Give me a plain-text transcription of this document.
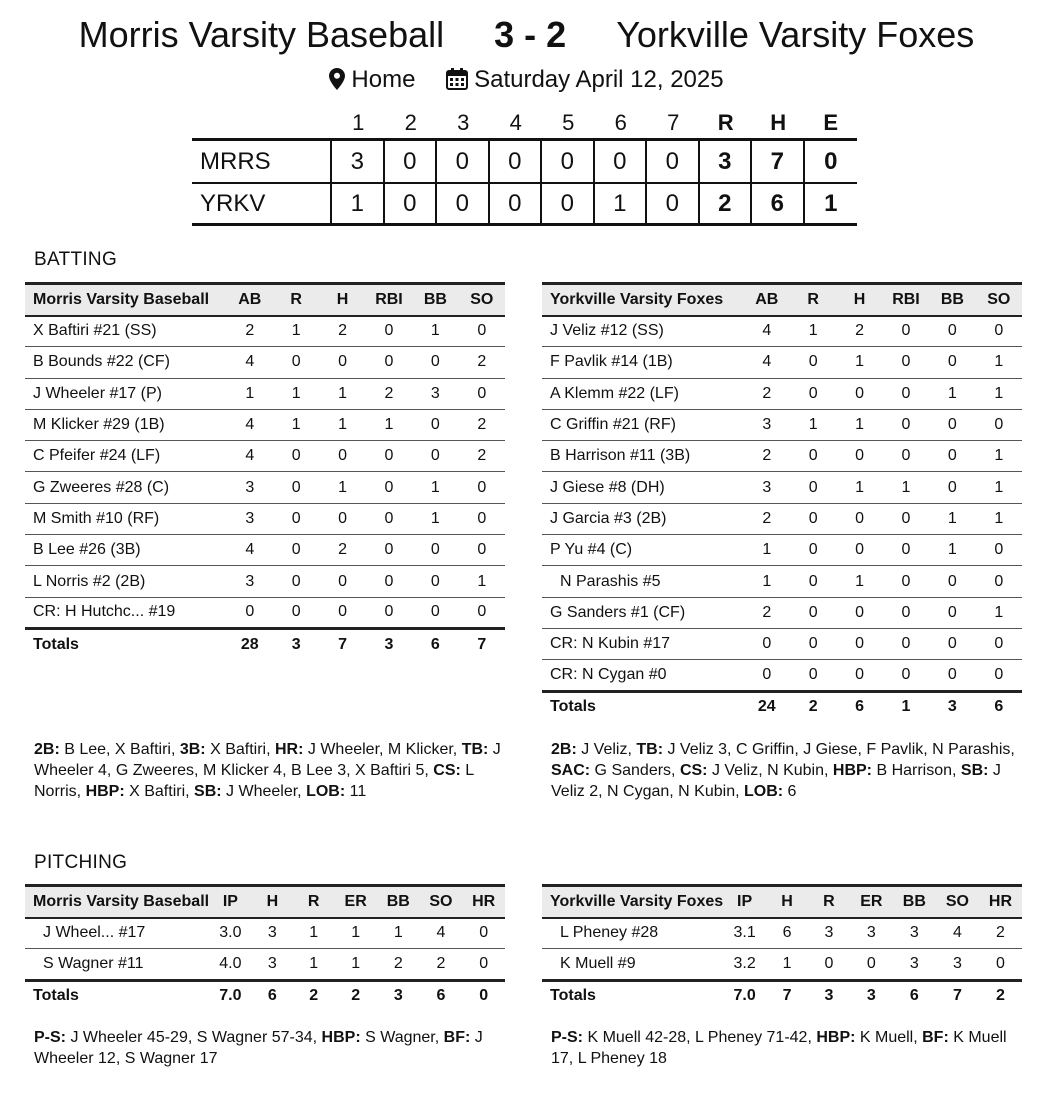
Morris Varsity Baseball 3 - 2 Yorkville Varsity Foxes
Home Saturday April 12, 2025
1	2	3	4	5	6	7	R	H	E
MRRS	3	0	0	0	0	0	0	3	7	0
YRKV	1	0	0	0	0	1	0	2	6	1
BATTING
Morris Varsity Baseball	AB	R	H	RBI	BB	SO
X Baftiri #21 (SS)	2	1	2	0	1	0
B Bounds #22 (CF)	4	0	0	0	0	2
J Wheeler #17 (P)	1	1	1	2	3	0
M Klicker #29 (1B)	4	1	1	1	0	2
C Pfeifer #24 (LF)	4	0	0	0	0	2
G Zweeres #28 (C)	3	0	1	0	1	0
M Smith #10 (RF)	3	0	0	0	1	0
B Lee #26 (3B)	4	0	2	0	0	0
L Norris #2 (2B)	3	0	0	0	0	1
CR: H Hutchc... #19	0	0	0	0	0	0
Totals	28	3	7	3	6	7
Yorkville Varsity Foxes	AB	R	H	RBI	BB	SO
J Veliz #12 (SS)	4	1	2	0	0	0
F Pavlik #14 (1B)	4	0	1	0	0	1
A Klemm #22 (LF)	2	0	0	0	1	1
C Griffin #21 (RF)	3	1	1	0	0	0
B Harrison #11 (3B)	2	0	0	0	0	1
J Giese #8 (DH)	3	0	1	1	0	1
J Garcia #3 (2B)	2	0	0	0	1	1
P Yu #4 (C)	1	0	0	0	1	0
N Parashis #5	1	0	1	0	0	0
G Sanders #1 (CF)	2	0	0	0	0	1
CR: N Kubin #17	0	0	0	0	0	0
CR: N Cygan #0	0	0	0	0	0	0
Totals	24	2	6	1	3	6
2B: B Lee, X Baftiri, 3B: X Baftiri, HR: J Wheeler, M Klicker, TB: J Wheeler 4, G Zweeres, M Klicker 4, B Lee 3, X Baftiri 5, CS: L Norris, HBP: X Baftiri, SB: J Wheeler, LOB: 11
2B: J Veliz, TB: J Veliz 3, C Griffin, J Giese, F Pavlik, N Parashis, SAC: G Sanders, CS: J Veliz, N Kubin, HBP: B Harrison, SB: J Veliz 2, N Cygan, N Kubin, LOB: 6
PITCHING
Morris Varsity Baseball	IP	H	R	ER	BB	SO	HR
J Wheel... #17	3.0	3	1	1	1	4	0
S Wagner #11	4.0	3	1	1	2	2	0
Totals	7.0	6	2	2	3	6	0
Yorkville Varsity Foxes	IP	H	R	ER	BB	SO	HR
L Pheney #28	3.1	6	3	3	3	4	2
K Muell #9	3.2	1	0	0	3	3	0
Totals	7.0	7	3	3	6	7	2
P-S: J Wheeler 45-29, S Wagner 57-34, HBP: S Wagner, BF: J Wheeler 12, S Wagner 17
P-S: K Muell 42-28, L Pheney 71-42, HBP: K Muell, BF: K Muell 17, L Pheney 18
